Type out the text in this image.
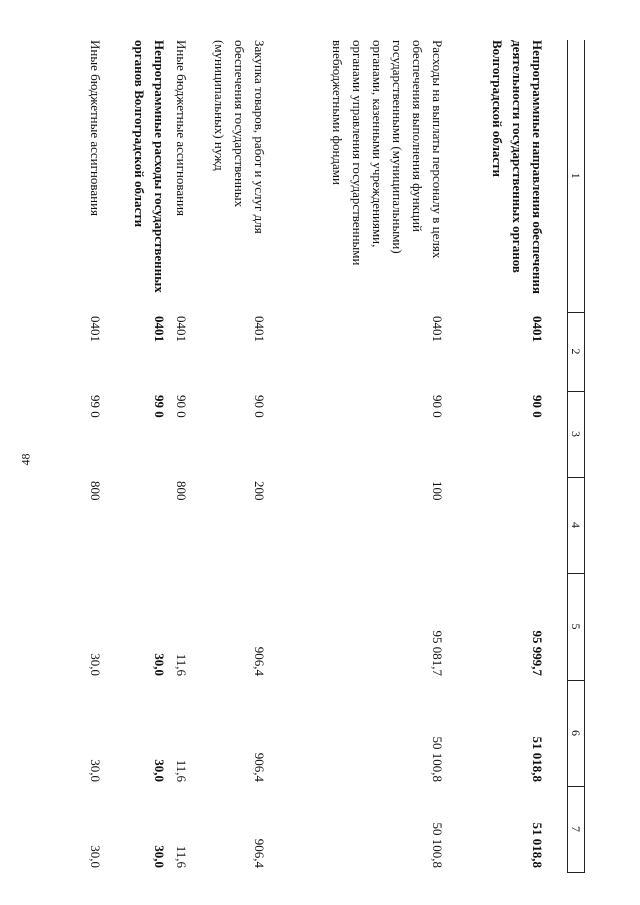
48
1	2	3	4	5	6	7
Непрограммные направления обеспечения деятельности государственных органов Волгоградской области	0401	90 0		95 999,7	51 018,8	51 018,8
Расходы на выплаты персоналу в целях обеспечения выполнения функций государственными (муниципальными) органами, казенными учреждениями, органами управления государственными внебюджетными фондами	0401	90 0	100	95 081,7	50 100,8	50 100,8
Закупка товаров, работ и услуг для обеспечения государственных (муниципальных) нужд	0401	90 0	200	906,4	906,4	906,4
Иные бюджетные ассигнования	0401	90 0	800	11,6	11,6	11,6
Непрограммные расходы государственных органов Волгоградской области	0401	99 0		30,0	30,0	30,0
Иные бюджетные ассигнования	0401	99 0	800	30,0	30,0	30,0
